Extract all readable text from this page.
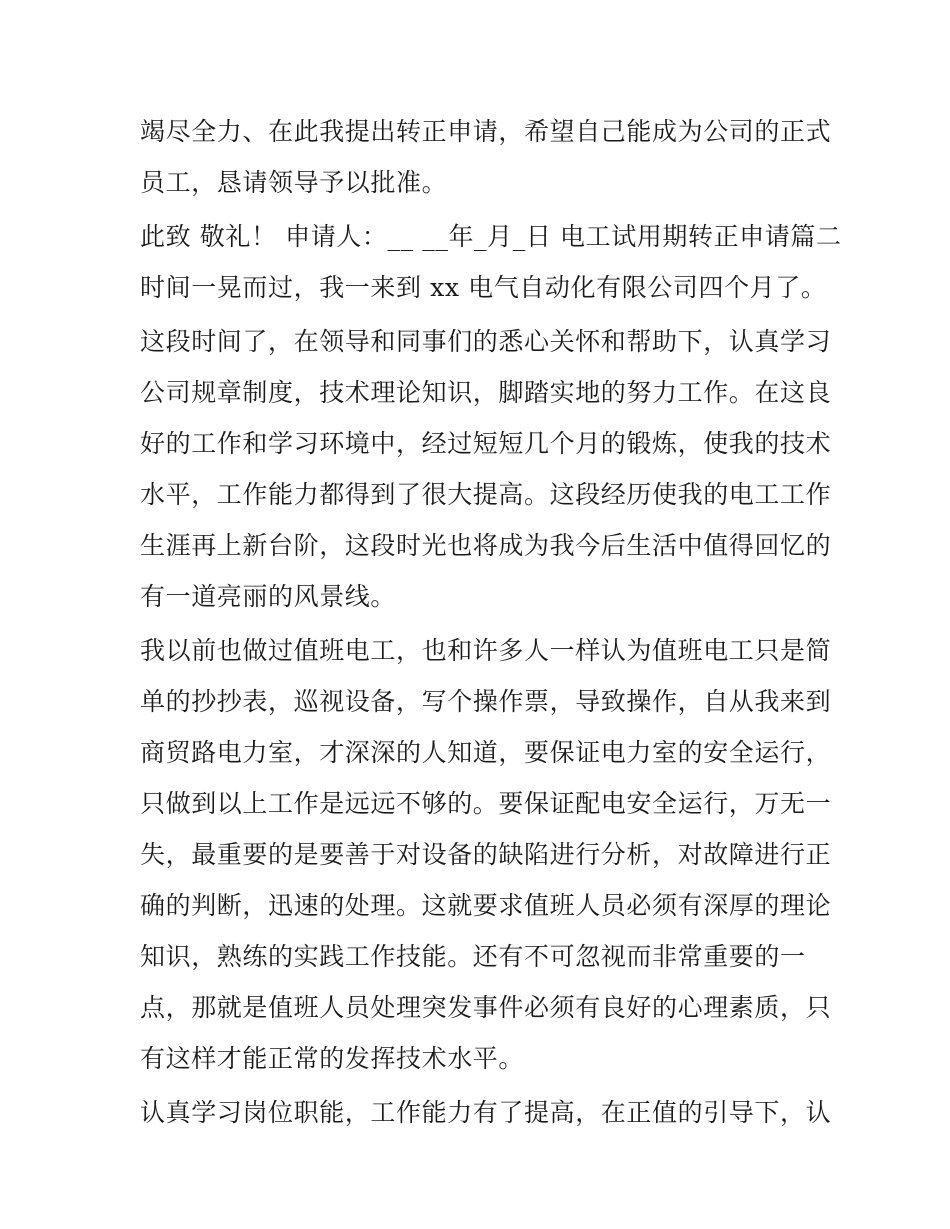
竭尽全力、在此我提出转正申请，希望自己能成为公司的正式
员工，恳请领导予以批准。

此致 敬礼！ 申请人：__ __年_月_日 电工试用期转正申请篇二
时间一晃而过，我一来到 xx 电气自动化有限公司四个月了。

这段时间了，在领导和同事们的悉心关怀和帮助下，认真学习
公司规章制度，技术理论知识，脚踏实地的努力工作。在这良
好的工作和学习环境中，经过短短几个月的锻炼，使我的技术
水平，工作能力都得到了很大提高。这段经历使我的电工工作
生涯再上新台阶，这段时光也将成为我今后生活中值得回忆的
有一道亮丽的风景线。

我以前也做过值班电工，也和许多人一样认为值班电工只是简
单的抄抄表，巡视设备，写个操作票，导致操作，自从我来到
商贸路电力室，才深深的人知道，要保证电力室的安全运行，
只做到以上工作是远远不够的。要保证配电安全运行，万无一
失，最重要的是要善于对设备的缺陷进行分析，对故障进行正
确的判断，迅速的处理。这就要求值班人员必须有深厚的理论
知识，熟练的实践工作技能。还有不可忽视而非常重要的一
点，那就是值班人员处理突发事件必须有良好的心理素质，只
有这样才能正常的发挥技术水平。

认真学习岗位职能，工作能力有了提高，在正值的引导下，认
